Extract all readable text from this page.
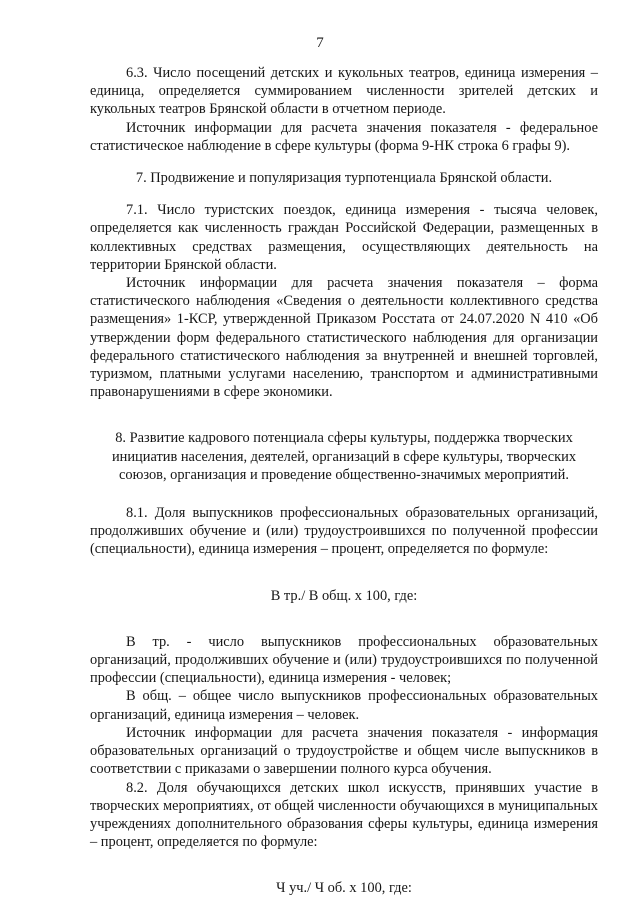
7

6.3. Число посещений детских и кукольных театров, единица измерения – единица, определяется суммированием численности зрителей детских и кукольных театров Брянской области в отчетном периоде.

Источник информации для расчета значения показателя - федеральное статистическое наблюдение в сфере культуры (форма 9-НК строка 6 графы 9).

7. Продвижение и популяризация турпотенциала Брянской области.

7.1. Число туристских поездок, единица измерения - тысяча человек, определяется как численность граждан Российской Федерации, размещенных в коллективных средствах размещения, осуществляющих деятельность на территории Брянской области.

Источник информации для расчета значения показателя – форма статистического наблюдения «Сведения о деятельности коллективного средства размещения» 1-КСР, утвержденной Приказом Росстата от 24.07.2020 N 410 «Об утверждении форм федерального статистического наблюдения для организации федерального статистического наблюдения за внутренней и внешней торговлей, туризмом, платными услугами населению, транспортом и административными правонарушениями в сфере экономики.

8. Развитие кадрового потенциала сферы культуры, поддержка творческих инициатив населения, деятелей, организаций в сфере культуры, творческих союзов, организация и проведение общественно-значимых мероприятий.

8.1. Доля выпускников профессиональных образовательных организаций, продолживших обучение и (или) трудоустроившихся по полученной профессии (специальности), единица измерения – процент, определяется по формуле:

В тр./ В общ. х 100, где:

В тр. - число выпускников профессиональных образовательных организаций, продолживших обучение и (или) трудоустроившихся по полученной профессии (специальности), единица измерения - человек;

В общ. – общее число выпускников профессиональных образовательных организаций, единица измерения – человек.

Источник информации для расчета значения показателя - информация образовательных организаций о трудоустройстве и общем числе выпускников в соответствии с приказами о завершении полного курса обучения.

8.2. Доля обучающихся детских школ искусств, принявших участие в творческих мероприятиях, от общей численности обучающихся в муниципальных учреждениях дополнительного образования сферы культуры, единица измерения – процент, определяется по формуле:

Ч уч./ Ч об. х 100, где:
